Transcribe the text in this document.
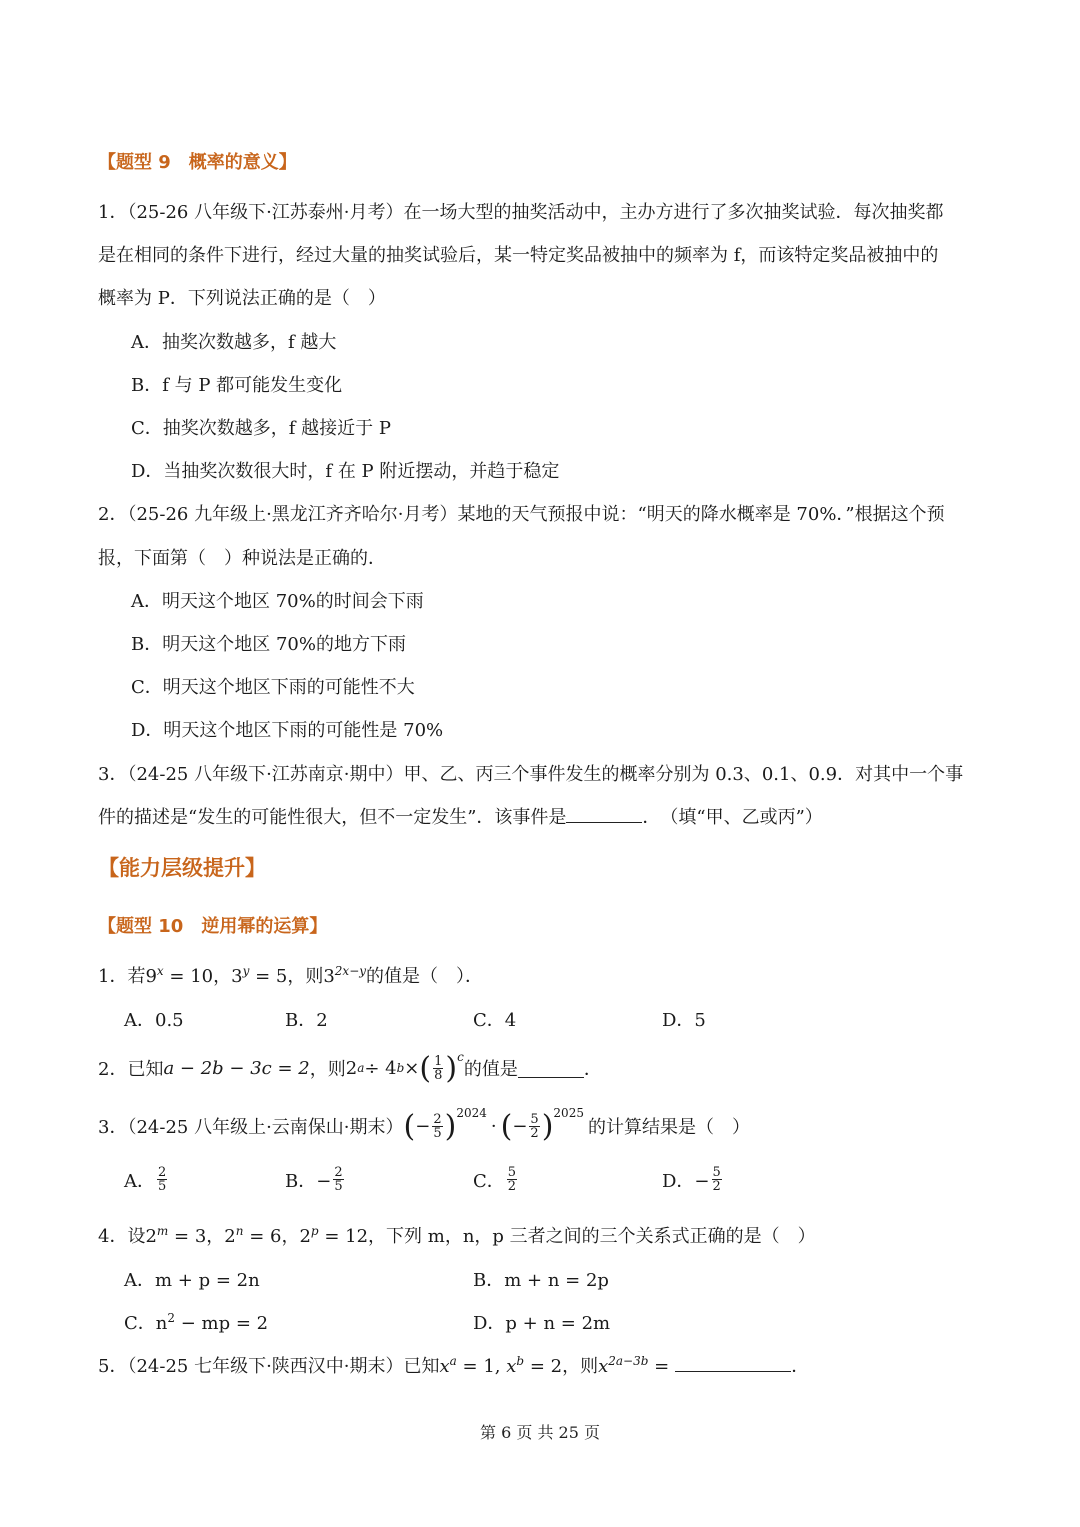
【题型 9　概率的意义】
1．（25-26 八年级下·江苏泰州·月考）在一场大型的抽奖活动中，主办方进行了多次抽奖试验．每次抽奖都
是在相同的条件下进行，经过大量的抽奖试验后，某一特定奖品被抽中的频率为 f，而该特定奖品被抽中的
概率为 P．下列说法正确的是（　）
A．抽奖次数越多，f 越大
B．f 与 P 都可能发生变化
C．抽奖次数越多，f 越接近于 P
D．当抽奖次数很大时，f 在 P 附近摆动，并趋于稳定
2．（25-26 九年级上·黑龙江齐齐哈尔·月考）某地的天气预报中说：“明天的降水概率是 70%．”根据这个预
报，下面第（　）种说法是正确的．
A．明天这个地区 70%的时间会下雨
B．明天这个地区 70%的地方下雨
C．明天这个地区下雨的可能性不大
D．明天这个地区下雨的可能性是 70%
3．（24-25 八年级下·江苏南京·期中）甲、乙、丙三个事件发生的概率分别为 0.3、0.1、0.9．对其中一个事
件的描述是“发生的可能性很大，但不一定发生”．该事件是	．　（填“甲、乙或丙”）
【能力层级提升】
【题型 10　逆用幂的运算】
1．若$9^x = 10$，$3^y = 5$，则$3^{2x-y}$的值是（　）．
A．0.5	B．2	C．4	D．5
2．已知 a − 2b − 3c = 2 ，则 2 a ÷ 4 b × ( $\frac{1}{8}$ ) c
的值是	．
3．（24-25 八年级上·云南保山·期末） ( − $\frac{2}{5}$ ) 2024
· ( − $\frac{5}{2}$ ) 2025
的计算结果是（　）
A． $\frac{2}{5}$	B．− $\frac{2}{5}$	C． $\frac{5}{2}$	D．− $\frac{5}{2}$
4．设$2^m = 3$，$2^n = 6$，$2^p = 12$，下列 m，n，p 三者之间的三个关系式正确的是（　）
A．m + p = 2n	B．m + n = 2p
C．$n^2$ − mp = 2	D．p + n = 2m
5．（24-25 七年级下·陕西汉中·期末）已知$x^a = 1$, $x^b = 2$，则$x^{2a-3b}$ =	．
第 6 页 共 25 页
